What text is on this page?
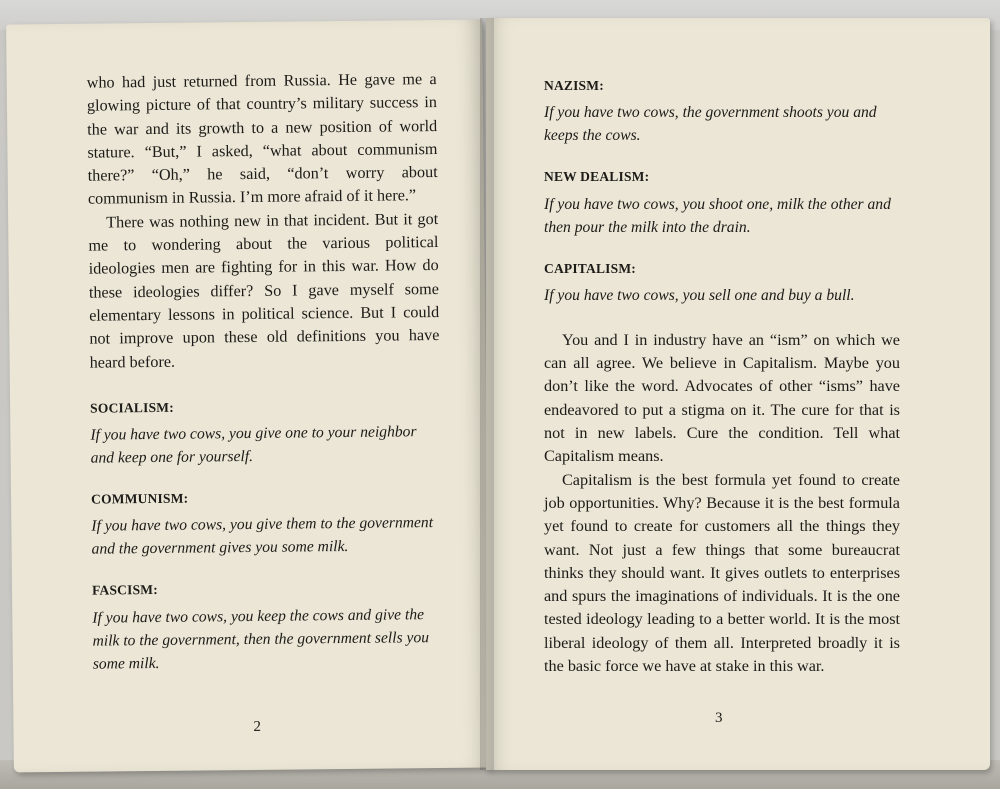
who had just returned from Russia. He gave me a glowing picture of that country’s military success in the war and its growth to a new position of world stature. “But,” I asked, “what about communism there?” “Oh,” he said, “don’t worry about communism in Russia. I’m more afraid of it here.”

There was nothing new in that incident. But it got me to wondering about the various political ideologies men are fighting for in this war. How do these ideologies differ? So I gave myself some elementary lessons in political science. But I could not improve upon these old definitions you have heard before.

SOCIALISM:

If you have two cows, you give one to your neighbor and keep one for yourself.

COMMUNISM:

If you have two cows, you give them to the government and the government gives you some milk.

FASCISM:

If you have two cows, you keep the cows and give the milk to the government, then the government sells you some milk.

2

NAZISM:

If you have two cows, the government shoots you and keeps the cows.

NEW DEALISM:

If you have two cows, you shoot one, milk the other and then pour the milk into the drain.

CAPITALISM:

If you have two cows, you sell one and buy a bull.

You and I in industry have an “ism” on which we can all agree. We believe in Capitalism. Maybe you don’t like the word. Advocates of other “isms” have endeavored to put a stigma on it. The cure for that is not in new labels. Cure the condition. Tell what Capitalism means.

Capitalism is the best formula yet found to create job opportunities. Why? Because it is the best formula yet found to create for customers all the things they want. Not just a few things that some bureaucrat thinks they should want. It gives outlets to enterprises and spurs the imaginations of individuals. It is the one tested ideology leading to a better world. It is the most liberal ideology of them all. Interpreted broadly it is the basic force we have at stake in this war.

3
